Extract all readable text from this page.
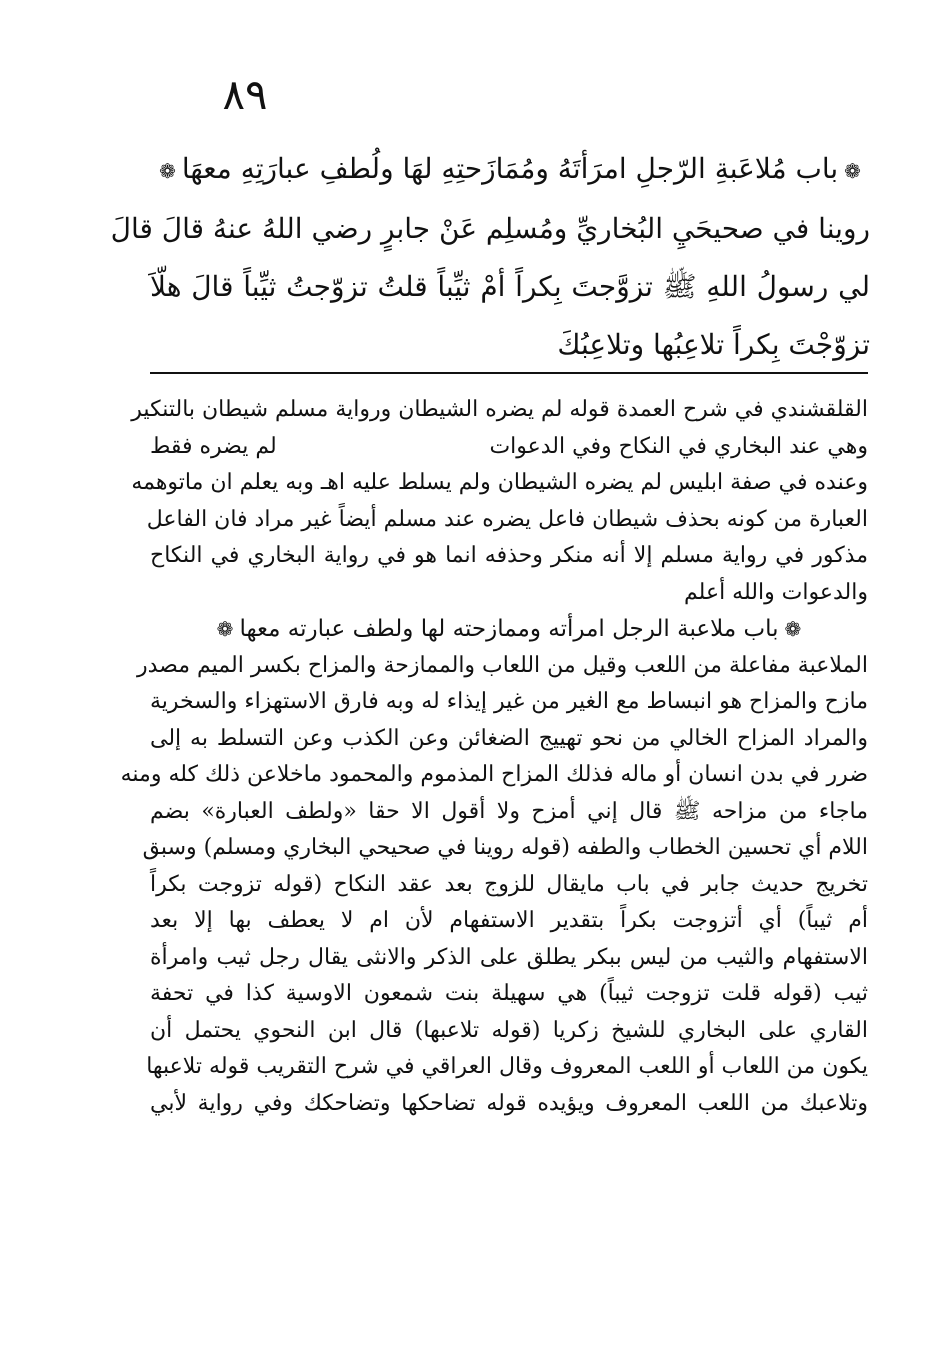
٨٩
❁باب مُلاعَبةِ الرّجلِ امرَأتَهُ ومُمَازَحتِهِ لهَا ولُطفِ عبارَتِهِ معهَا❁
روينا في صحيحَيِ البُخاريِّ ومُسلِم عَنْ جابرٍ رضي اللهُ عنهُ قالَ قالَ
لي رسولُ اللهِ ﷺ تزوَّجتَ بِكراً أمْ ثيِّباً قلتُ تزوّجتُ ثيِّباً قالَ هلّاَ
تزوّجْتَ بِكراً تلاعِبُها وتلاعِبُكَ
القلقشندي في شرح العمدة قوله لم يضره الشيطان ورواية مسلم شيطان بالتنكير
وهي عند البخاري في النكاح وفي الدعوات
لم يضره فقط
وعنده في صفة ابليس لم يضره الشيطان ولم يسلط عليه اهـ وبه يعلم ان ماتوهمه
العبارة من كونه بحذف شيطان فاعل يضره عند مسلم أيضاً غير مراد فان الفاعل
مذكور في رواية مسلم إلا أنه منكر وحذفه انما هو في رواية البخاري في النكاح
والدعوات والله أعلم
❁باب ملاعبة الرجل امرأته وممازحته لها ولطف عبارته معها❁
الملاعبة مفاعلة من اللعب وقيل من اللعاب والممازحة والمزاح بكسر الميم مصدر
مازح والمزاح هو انبساط مع الغير من غير إيذاء له وبه فارق الاستهزاء والسخرية
والمراد المزاح الخالي من نحو تهييج الضغائن وعن الكذب وعن التسلط به إلى
ضرر في بدن انسان أو ماله فذلك المزاح المذموم والمحمود ماخلاعن ذلك كله ومنه
ماجاء من مزاحه ﷺ قال إني أمزح ولا أقول الا حقا «ولطف العبارة» بضم
اللام أي تحسين الخطاب والطفه (قوله روينا في صحيحي البخاري ومسلم) وسبق
تخريج حديث جابر في باب مايقال للزوج بعد عقد النكاح (قوله تزوجت بكراً
أم ثيباً) أي أتزوجت بكراً بتقدير الاستفهام لأن ام لا يعطف بها إلا بعد
الاستفهام والثيب من ليس ببكر يطلق على الذكر والانثى يقال رجل ثيب وامرأة
ثيب (قوله قلت تزوجت ثيباً) هي سهيلة بنت شمعون الاوسية كذا في تحفة
القاري على البخاري للشيخ زكريا (قوله تلاعبها) قال ابن النحوي يحتمل أن
يكون من اللعاب أو اللعب المعروف وقال العراقي في شرح التقريب قوله تلاعبها
وتلاعبك من اللعب المعروف ويؤيده قوله تضاحكها وتضاحكك وفي رواية لأبي
